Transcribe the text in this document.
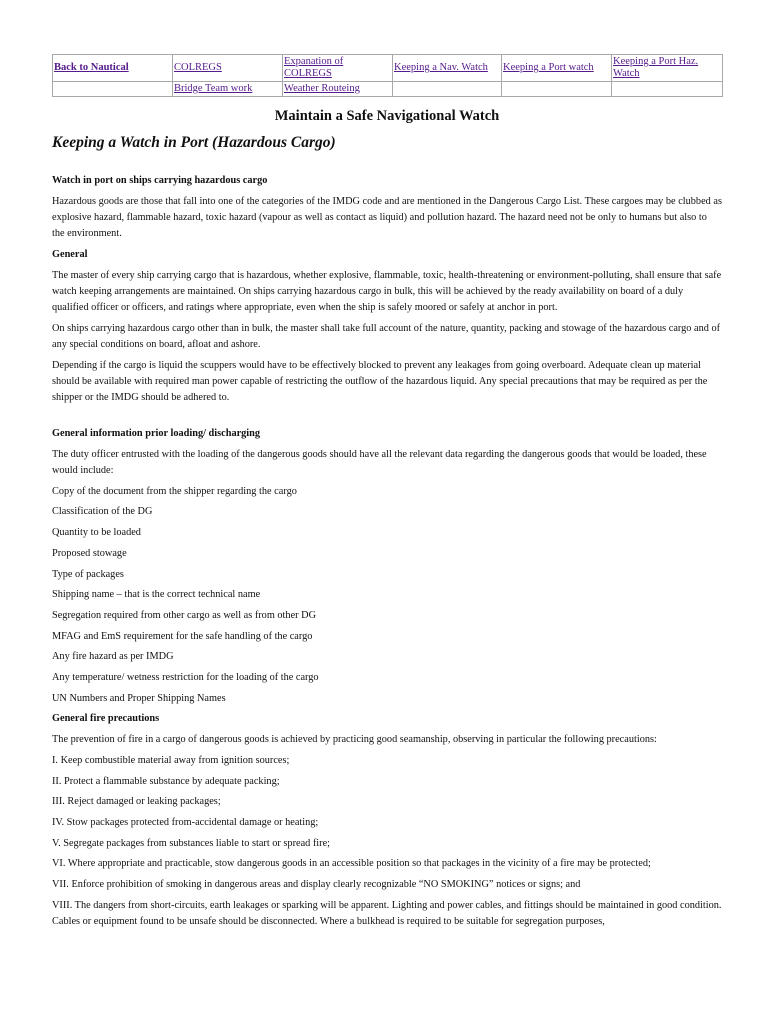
Back to Nautical	COLREGS	Expanation of COLREGS	Keeping a Nav. Watch	Keeping a Port watch	Keeping a Port Haz. Watch
	Bridge Team work	Weather Routeing			
Maintain a Safe Navigational Watch
Keeping a Watch in Port (Hazardous Cargo)

Watch in port on ships carrying hazardous cargo

Hazardous goods are those that fall into one of the categories of the IMDG code and are mentioned in the Dangerous Cargo List. These cargoes may be clubbed as explosive hazard, flammable hazard, toxic hazard (vapour as well as contact as liquid) and pollution hazard. The hazard need not be only to humans but also to the environment.

General

The master of every ship carrying cargo that is hazardous, whether explosive, flammable, toxic, health-threatening or environment-polluting, shall ensure that safe watch keeping arrangements are maintained. On ships carrying hazardous cargo in bulk, this will be achieved by the ready availability on board of a duly qualified officer or officers, and ratings where appropriate, even when the ship is safely moored or safely at anchor in port.

On ships carrying hazardous cargo other than in bulk, the master shall take full account of the nature, quantity, packing and stowage of the hazardous cargo and of any special conditions on board, afloat and ashore.

Depending if the cargo is liquid the scuppers would have to be effectively blocked to prevent any leakages from going overboard. Adequate clean up material should be available with required man power capable of restricting the outflow of the hazardous liquid. Any special precautions that may be required as per the shipper or the IMDG should be adhered to.

General information prior loading/ discharging

The duty officer entrusted with the loading of the dangerous goods should have all the relevant data regarding the dangerous goods that would be loaded, these would include:

Copy of the document from the shipper regarding the cargo

Classification of the DG

Quantity to be loaded

Proposed stowage

Type of packages

Shipping name – that is the correct technical name

Segregation required from other cargo as well as from other DG

MFAG and EmS requirement for the safe handling of the cargo

Any fire hazard as per IMDG

Any temperature/ wetness restriction for the loading of the cargo

UN Numbers and Proper Shipping Names

General fire precautions

The prevention of fire in a cargo of dangerous goods is achieved by practicing good seamanship, observing in particular the following precautions:

I. Keep combustible material away from ignition sources;

II. Protect a flammable substance by adequate packing;

III. Reject damaged or leaking packages;

IV. Stow packages protected from-accidental damage or heating;

V. Segregate packages from substances liable to start or spread fire;

VI. Where appropriate and practicable, stow dangerous goods in an accessible position so that packages in the vicinity of a fire may be protected;

VII. Enforce prohibition of smoking in dangerous areas and display clearly recognizable “NO SMOKING” notices or signs; and

VIII. The dangers from short-circuits, earth leakages or sparking will be apparent. Lighting and power cables, and fittings should be maintained in good condition. Cables or equipment found to be unsafe should be disconnected. Where a bulkhead is required to be suitable for segregation purposes,
